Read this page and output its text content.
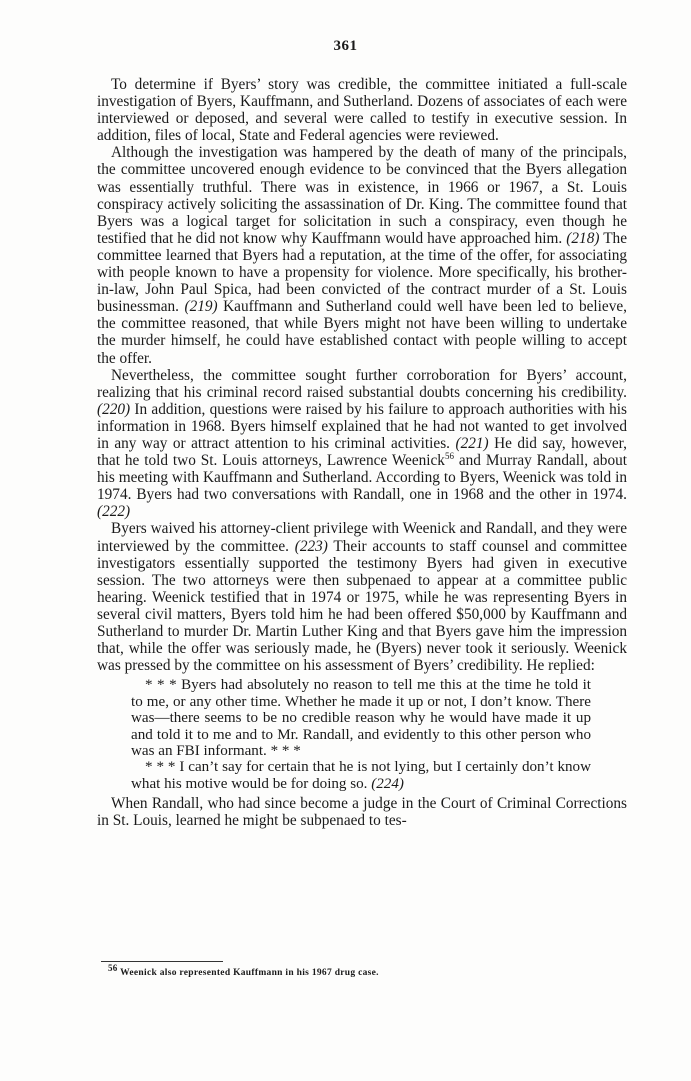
361

To determine if Byers’ story was credible, the committee initiated a full-scale investigation of Byers, Kauffmann, and Sutherland. Dozens of associates of each were interviewed or deposed, and several were called to testify in executive session. In addition, files of local, State and Federal agencies were reviewed.

Although the investigation was hampered by the death of many of the principals, the committee uncovered enough evidence to be convinced that the Byers allegation was essentially truthful. There was in existence, in 1966 or 1967, a St. Louis conspiracy actively soliciting the assassination of Dr. King. The committee found that Byers was a logical target for solicitation in such a conspiracy, even though he testified that he did not know why Kauffmann would have approached him. (218) The committee learned that Byers had a reputation, at the time of the offer, for associating with people known to have a propensity for violence. More specifically, his brother-in-law, John Paul Spica, had been convicted of the contract murder of a St. Louis businessman. (219) Kauffmann and Sutherland could well have been led to believe, the committee reasoned, that while Byers might not have been willing to undertake the murder himself, he could have established contact with people willing to accept the offer.

Nevertheless, the committee sought further corroboration for Byers’ account, realizing that his criminal record raised substantial doubts concerning his credibility. (220) In addition, questions were raised by his failure to approach authorities with his information in 1968. Byers himself explained that he had not wanted to get involved in any way or attract attention to his criminal activities. (221) He did say, however, that he told two St. Louis attorneys, Lawrence Weenick$^{56}$ and Murray Randall, about his meeting with Kauffmann and Sutherland. According to Byers, Weenick was told in 1974. Byers had two conversations with Randall, one in 1968 and the other in 1974. (222)

Byers waived his attorney-client privilege with Weenick and Randall, and they were interviewed by the committee. (223) Their accounts to staff counsel and committee investigators essentially supported the testimony Byers had given in executive session. The two attorneys were then subpenaed to appear at a committee public hearing. Weenick testified that in 1974 or 1975, while he was representing Byers in several civil matters, Byers told him he had been offered $50,000 by Kauffmann and Sutherland to murder Dr. Martin Luther King and that Byers gave him the impression that, while the offer was seriously made, he (Byers) never took it seriously. Weenick was pressed by the committee on his assessment of Byers’ credibility. He replied:

* * * Byers had absolutely no reason to tell me this at the time he told it to me, or any other time. Whether he made it up or not, I don’t know. There was—there seems to be no credible reason why he would have made it up and told it to me and to Mr. Randall, and evidently to this other person who was an FBI informant. * * *

* * * I can’t say for certain that he is not lying, but I certainly don’t know what his motive would be for doing so. (224)

When Randall, who had since become a judge in the Court of Criminal Corrections in St. Louis, learned he might be subpenaed to tes-

56 Weenick also represented Kauffmann in his 1967 drug case.
